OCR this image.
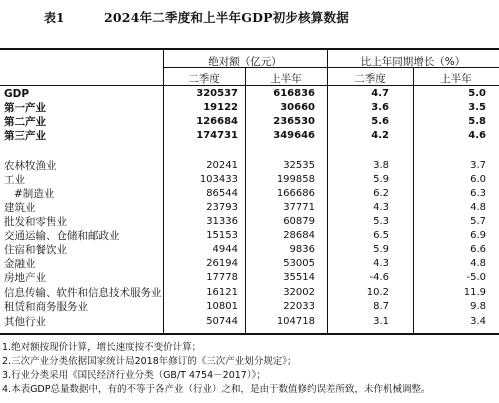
表1	2024年二季度和上半年GDP初步核算数据
绝对额（亿元）	比上年同期增长（%）
二季度	上半年	二季度	上半年
GDP	320537	616836	4.7	5.0
第一产业	19122	30660	3.6	3.5
第二产业	126684	236530	5.6	5.8
第三产业	174731	349646	4.2	4.6
农林牧渔业	20241	32535	3.8	3.7
工业	103433	199858	5.9	6.0
#制造业	86544	166686	6.2	6.3
建筑业	23793	37771	4.3	4.8
批发和零售业	31336	60879	5.3	5.7
交通运输、仓储和邮政业	15153	28684	6.5	6.9
住宿和餐饮业	4944	9836	5.9	6.6
金融业	26194	53005	4.3	4.8
房地产业	17778	35514	-4.6	-5.0
信息传输、软件和信息技术服务业	16121	32002	10.2	11.9
租赁和商务服务业	10801	22033	8.7	9.8
其他行业	50744	104718	3.1	3.4
1.绝对额按现价计算，增长速度按不变价计算；
2.三次产业分类依据国家统计局2018年修订的《三次产业划分规定》；
3.行业分类采用《国民经济行业分类（GB/T 4754－2017）》；
4.本表GDP总量数据中，有的不等于各产业（行业）之和，是由于数值修约误差所致，未作机械调整。
